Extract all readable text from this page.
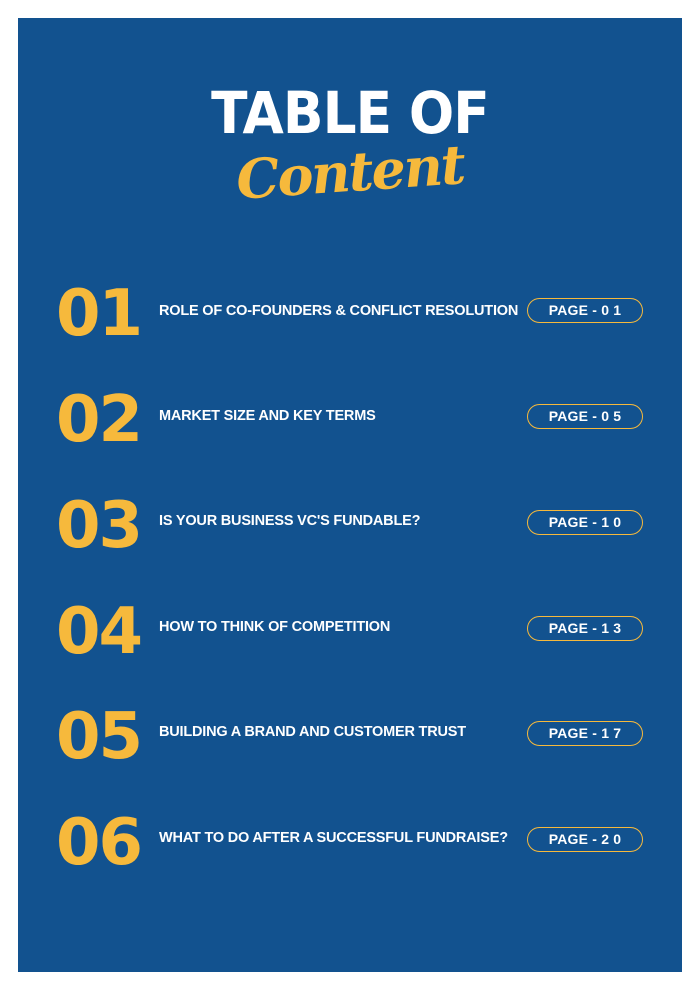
TABLE OF
Content
01	ROLE OF CO-FOUNDERS & CONFLICT RESOLUTION	PAGE - 0 1
02	MARKET SIZE AND KEY TERMS	PAGE - 0 5
03	IS YOUR BUSINESS VC'S FUNDABLE?	PAGE - 1 0
04	HOW TO THINK OF COMPETITION	PAGE - 1 3
05	BUILDING A BRAND AND CUSTOMER TRUST	PAGE - 1 7
06	WHAT TO DO AFTER A SUCCESSFUL FUNDRAISE?	PAGE - 2 0
